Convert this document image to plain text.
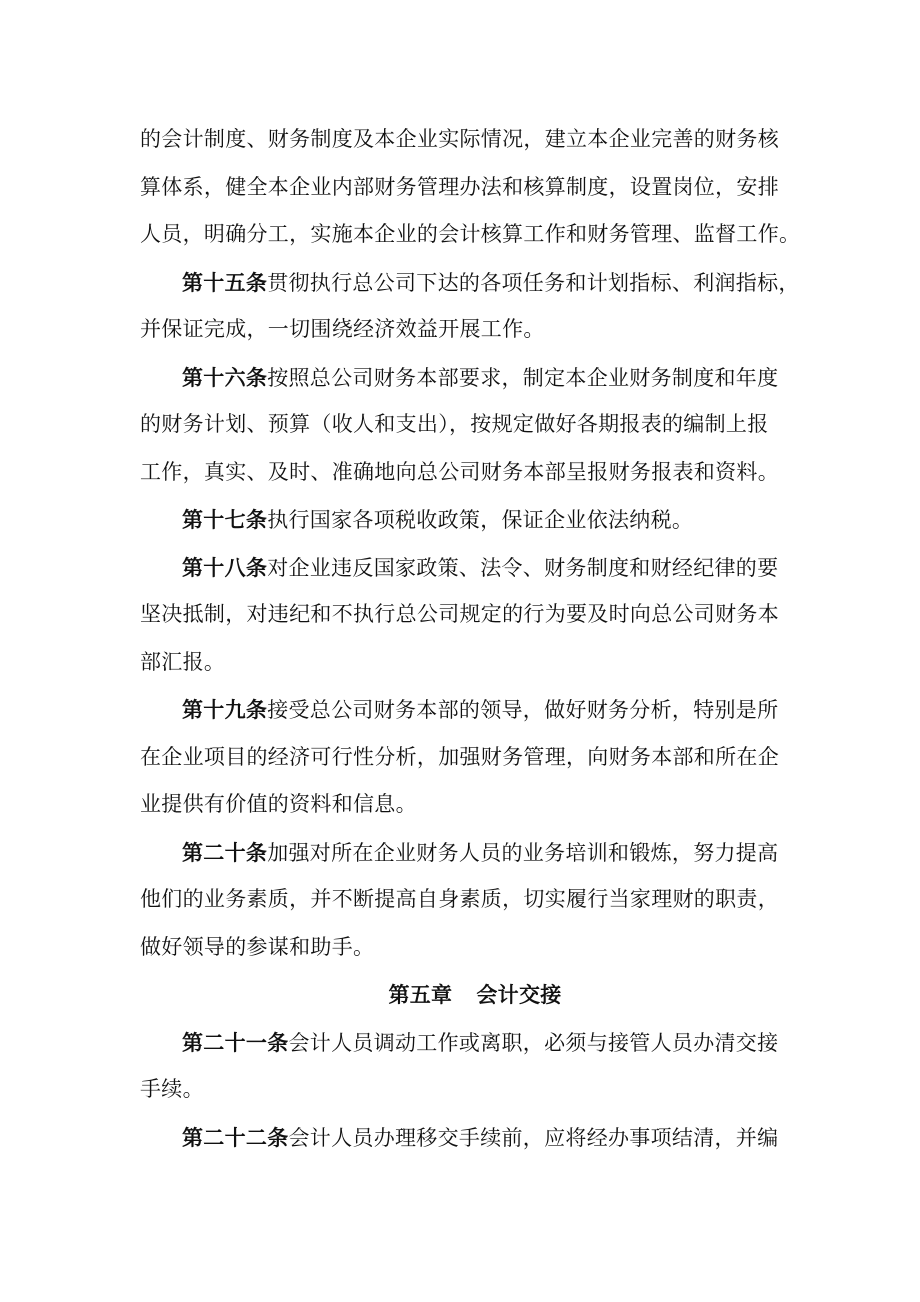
的会计制度、财务制度及本企业实际情况，建立本企业完善的财务核
算体系，健全本企业内部财务管理办法和核算制度，设置岗位，安排
人员，明确分工，实施本企业的会计核算工作和财务管理、监督工作。
第十五条贯彻执行总公司下达的各项任务和计划指标、利润指标，
并保证完成，一切围绕经济效益开展工作。
第十六条按照总公司财务本部要求，制定本企业财务制度和年度
的财务计划、预算（收人和支出），按规定做好各期报表的编制上报
工作，真实、及时、准确地向总公司财务本部呈报财务报表和资料。
第十七条执行国家各项税收政策，保证企业依法纳税。
第十八条对企业违反国家政策、法令、财务制度和财经纪律的要
坚决抵制，对违纪和不执行总公司规定的行为要及时向总公司财务本
部汇报。
第十九条接受总公司财务本部的领导，做好财务分析，特别是所
在企业项目的经济可行性分析，加强财务管理，向财务本部和所在企
业提供有价值的资料和信息。
第二十条加强对所在企业财务人员的业务培训和锻炼，努力提高
他们的业务素质，并不断提高自身素质，切实履行当家理财的职责，
做好领导的参谋和助手。
第五章 会计交接
第二十一条会计人员调动工作或离职，必须与接管人员办清交接
手续。
第二十二条会计人员办理移交手续前，应将经办事项结清，并编
